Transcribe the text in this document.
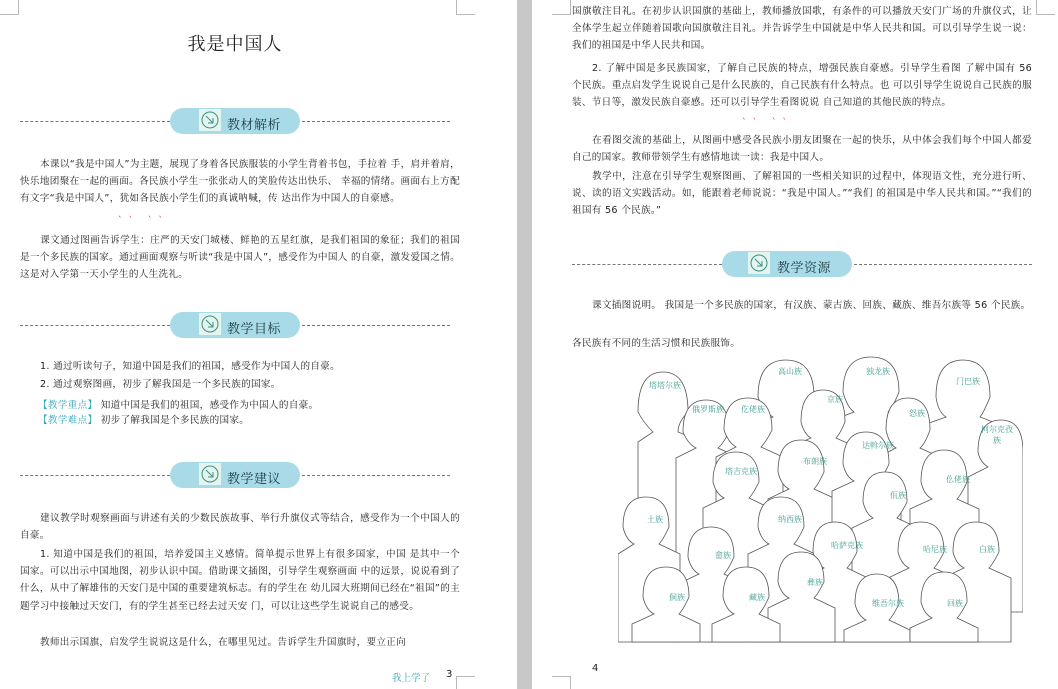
我是中国人
教材解析
本课以“我是中国人”为主题，展现了身着各民族服装的小学生背着书包，手拉着 手，肩并着肩，快乐地团聚在一起的画面。各民族小学生一张张动人的笑脸传达出快乐、 幸福的情绪。画面右上方配有文字“我是中国人”，犹如各民族小学生们的真诚呐喊，传 达出作为中国人的自豪感。
ˋˋ ˋˋ
课文通过图画告诉学生：庄严的天安门城楼、鲜艳的五星红旗，是我们祖国的象征；我们的祖国是一个多民族的国家。通过画面观察与听读“我是中国人”，感受作为中国人 的自豪，激发爱国之情。这是对入学第一天小学生的人生洗礼。
教学目标
1. 通过听读句子，知道中国是我们的祖国，感受作为中国人的自豪。
2. 通过观察图画，初步了解我国是一个多民族的国家。
【教学重点】 知道中国是我们的祖国，感受作为中国人的自豪。
【教学难点】 初步了解我国是个多民族的国家。
教学建议
建议教学时观察画面与讲述有关的少数民族故事、举行升旗仪式等结合，感受作为一个中国人的自豪。
1. 知道中国是我们的祖国，培养爱国主义感情。简单提示世界上有很多国家，中国 是其中一个国家。可以出示中国地图，初步认识中国。借助课文插图，引导学生观察画面 中的远景，说说看到了什么，从中了解雄伟的天安门是中国的重要建筑标志。有的学生在 幼儿园大班期间已经在“祖国”的主题学习中接触过天安门，有的学生甚至已经去过天安 门，可以让这些学生说说自己的感受。
教师出示国旗，启发学生说说这是什么，在哪里见过。告诉学生升国旗时，要立正向
我上学了 3
国旗敬注目礼。在初步认识国旗的基础上，教师播放国歌，有条件的可以播放天安门广场的升旗仪式，让全体学生起立伴随着国歌向国旗敬注目礼。并告诉学生中国就是中华人民共和国。可以引导学生说一说：我们的祖国是中华人民共和国。
2. 了解中国是多民族国家，了解自己民族的特点，增强民族自豪感。引导学生看图 了解中国有 56 个民族。重点启发学生说说自己是什么民族的，自己民族有什么特点。也 可以引导学生说说自己民族的服装、节日等，激发民族自豪感。还可以引导学生看图说说 自己知道的其他民族的特点。
ˋˋ ˋˋ
在看图交流的基础上，从图画中感受各民族小朋友团聚在一起的快乐，从中体会我们每个中国人都爱自己的国家。教师带领学生有感情地读一读：我是中国人。
教学中，注意在引导学生观察图画、了解祖国的一些相关知识的过程中，体现语文性，充分进行听、说、读的语文实践活动。如，能跟着老师说说：“我是中国人。”“我们 的祖国是中华人民共和国。”“我们的祖国有 56 个民族。”
教学资源
课文插图说明。 我国是一个多民族的国家，有汉族、蒙古族、回族、藏族、维吾尔族等 56 个民族。
各民族有不同的生活习惯和民族服饰。
4
塔塔尔族
俄罗斯族	仡佬族
高山族
京族
独龙族
怒族
门巴族
柯尔克孜族
布朗族
达斡尔族
塔吉克族
仫佬族
佤族
土族	纳西族
哈萨克族	哈尼族	白族
畲族
彝族
侗族	藏族
维吾尔族	回族
